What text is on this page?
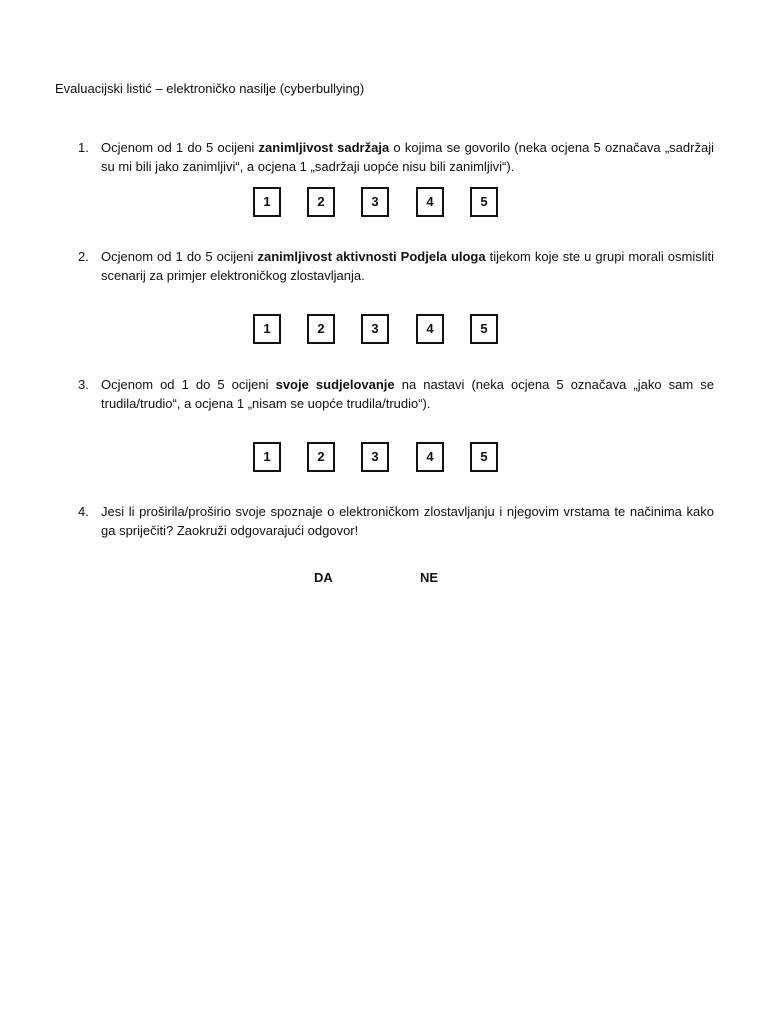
Evaluacijski listić – elektroničko nasilje (cyberbullying)
1. Ocjenom od 1 do 5 ocijeni zanimljivost sadržaja o kojima se govorilo (neka ocjena 5 označava „sadržaji su mi bili jako zanimljivi“, a ocjena 1 „sadržaji uopće nisu bili zanimljivi“).
1	2	3	4	5
2. Ocjenom od 1 do 5 ocijeni zanimljivost aktivnosti Podjela uloga tijekom koje ste u grupi morali osmisliti scenarij za primjer elektroničkog zlostavljanja.
1	2	3	4	5
3. Ocjenom od 1 do 5 ocijeni svoje sudjelovanje na nastavi (neka ocjena 5 označava „jako sam se trudila/trudio“, a ocjena 1 „nisam se uopće trudila/trudio“).
1	2	3	4	5
4. Jesi li proširila/proširio svoje spoznaje o elektroničkom zlostavljanju i njegovim vrstama te načinima kako ga spriječiti? Zaokruži odgovarajući odgovor!
DA	NE
